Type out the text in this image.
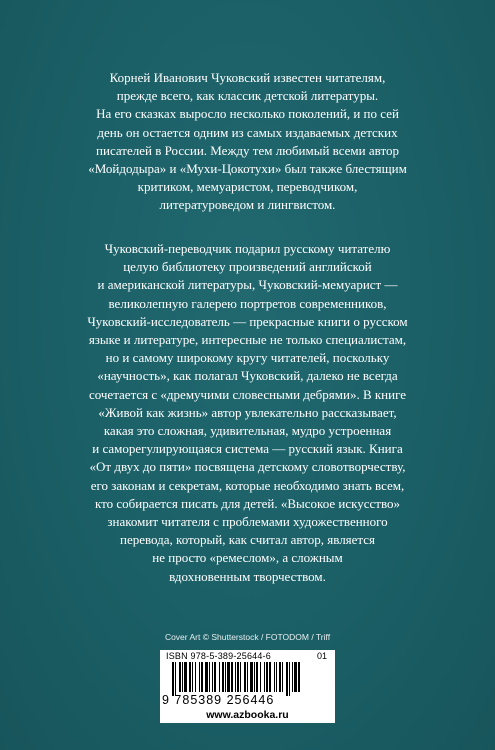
Корней Иванович Чуковский известен читателям,
прежде всего, как классик детской литературы.
На его сказках выросло несколько поколений, и по сей
день он остается одним из самых издаваемых детских
писателей в России. Между тем любимый всеми автор
«Мойдодыра» и «Мухи-Цокотухи» был также блестящим
критиком, мемуаристом, переводчиком,
литературоведом и лингвистом.
Чуковский-переводчик подарил русскому читателю
целую библиотеку произведений английской
и американской литературы, Чуковский-мемуарист —
великолепную галерею портретов современников,
Чуковский-исследователь — прекрасные книги о русском
языке и литературе, интересные не только специалистам,
но и самому широкому кругу читателей, поскольку
«научность», как полагал Чуковский, далеко не всегда
сочетается с «дремучими словесными дебрями». В книге
«Живой как жизнь» автор увлекательно рассказывает,
какая это сложная, удивительная, мудро устроенная
и саморегулирующаяся система — русский язык. Книга
«От двух до пяти» посвящена детскому словотворчеству,
его законам и секретам, которые необходимо знать всем,
кто собирается писать для детей. «Высокое искусство»
знакомит читателя с проблемами художественного
перевода, который, как считал автор, является
не просто «ремеслом», а сложным
вдохновенным творчеством.
Cover Art © Shutterstock / FOTODOM / Triff
ISBN 978-5-389-25644-6	01
9 785389 256446
www.azbooka.ru
